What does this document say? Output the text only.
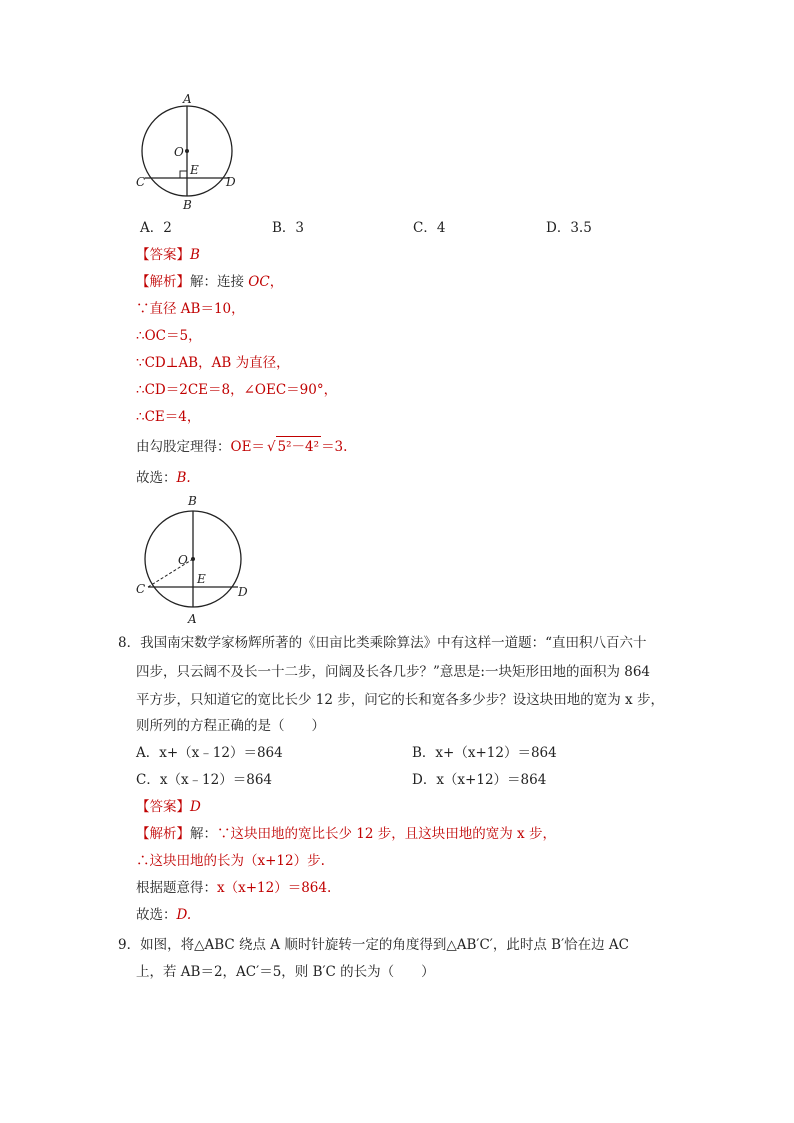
A
O
E
C	D
B
A．2	B．3	C．4	D．3.5
【答案】B
【解析】解：连接 OC，
∵直径 AB＝10，
∴OC＝5，
∵CD⊥AB，AB 为直径，
∴CD＝2CE＝8，∠OEC＝90°，
∴CE＝4，
由勾股定理得：OE＝ √ 5²－4² ＝3.
故选：B.
B
O
E
C	D
A
8．我国南宋数学家杨辉所著的《田亩比类乘除算法》中有这样一道题：“直田积八百六十
四步，只云阔不及长一十二步，问阔及长各几步？”意思是:一块矩形田地的面积为 864
平方步，只知道它的宽比长少 12 步，问它的长和宽各多少步？设这块田地的宽为 x 步，
则所列的方程正确的是（　　）
A．x+（x﹣12）＝864	B．x+（x+12）＝864
C．x（x﹣12）＝864	D．x（x+12）＝864
【答案】D
【解析】解：∵这块田地的宽比长少 12 步，且这块田地的宽为 x 步，
∴这块田地的长为（x+12）步.
根据题意得：x（x+12）＝864.
故选：D.
9．如图，将△ABC 绕点 A 顺时针旋转一定的角度得到△AB′C′，此时点 B′恰在边 AC
上，若 AB＝2，AC′＝5，则 B′C 的长为（　　）
